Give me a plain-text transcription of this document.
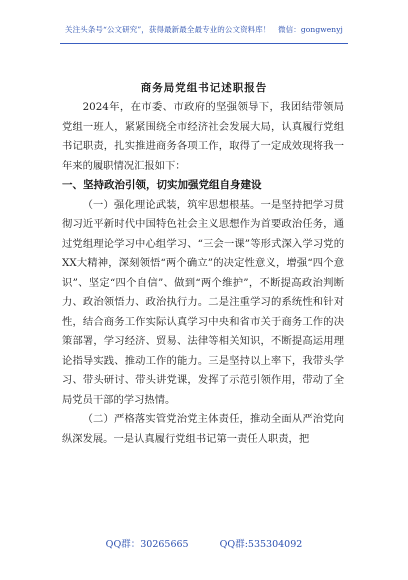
关注头条号“公文研究”，获得最新最全最专业的公文资料库！　微信：gongwenyj
商务局党组书记述职报告

2024年，在市委、市政府的坚强领导下，我团结带领局党组一班人，紧紧围绕全市经济社会发展大局，认真履行党组书记职责，扎实推进商务各项工作，取得了一定成效现将我一年来的履职情况汇报如下：

一、坚持政治引领，切实加强党组自身建设

（一）强化理论武装，筑牢思想根基。一是坚持把学习贯彻习近平新时代中国特色社会主义思想作为首要政治任务，通过党组理论学习中心组学习、“三会一课”等形式深入学习党的XX大精神，深刻领悟“两个确立”的决定性意义，增强“四个意识”、坚定“四个自信”、做到“两个维护”，不断提高政治判断力、政治领悟力、政治执行力。二是注重学习的系统性和针对性，结合商务工作实际认真学习中央和省市关于商务工作的决策部署，学习经济、贸易、法律等相关知识，不断提高运用理论指导实践、推动工作的能力。三是坚持以上率下，我带头学习、带头研讨、带头讲党课，发挥了示范引领作用，带动了全局党员干部的学习热情。

（二）严格落实管党治党主体责任，推动全面从严治党向纵深发展。一是认真履行党组书记第一责任人职责，把

QQ群：30265665	QQ群:535304092
